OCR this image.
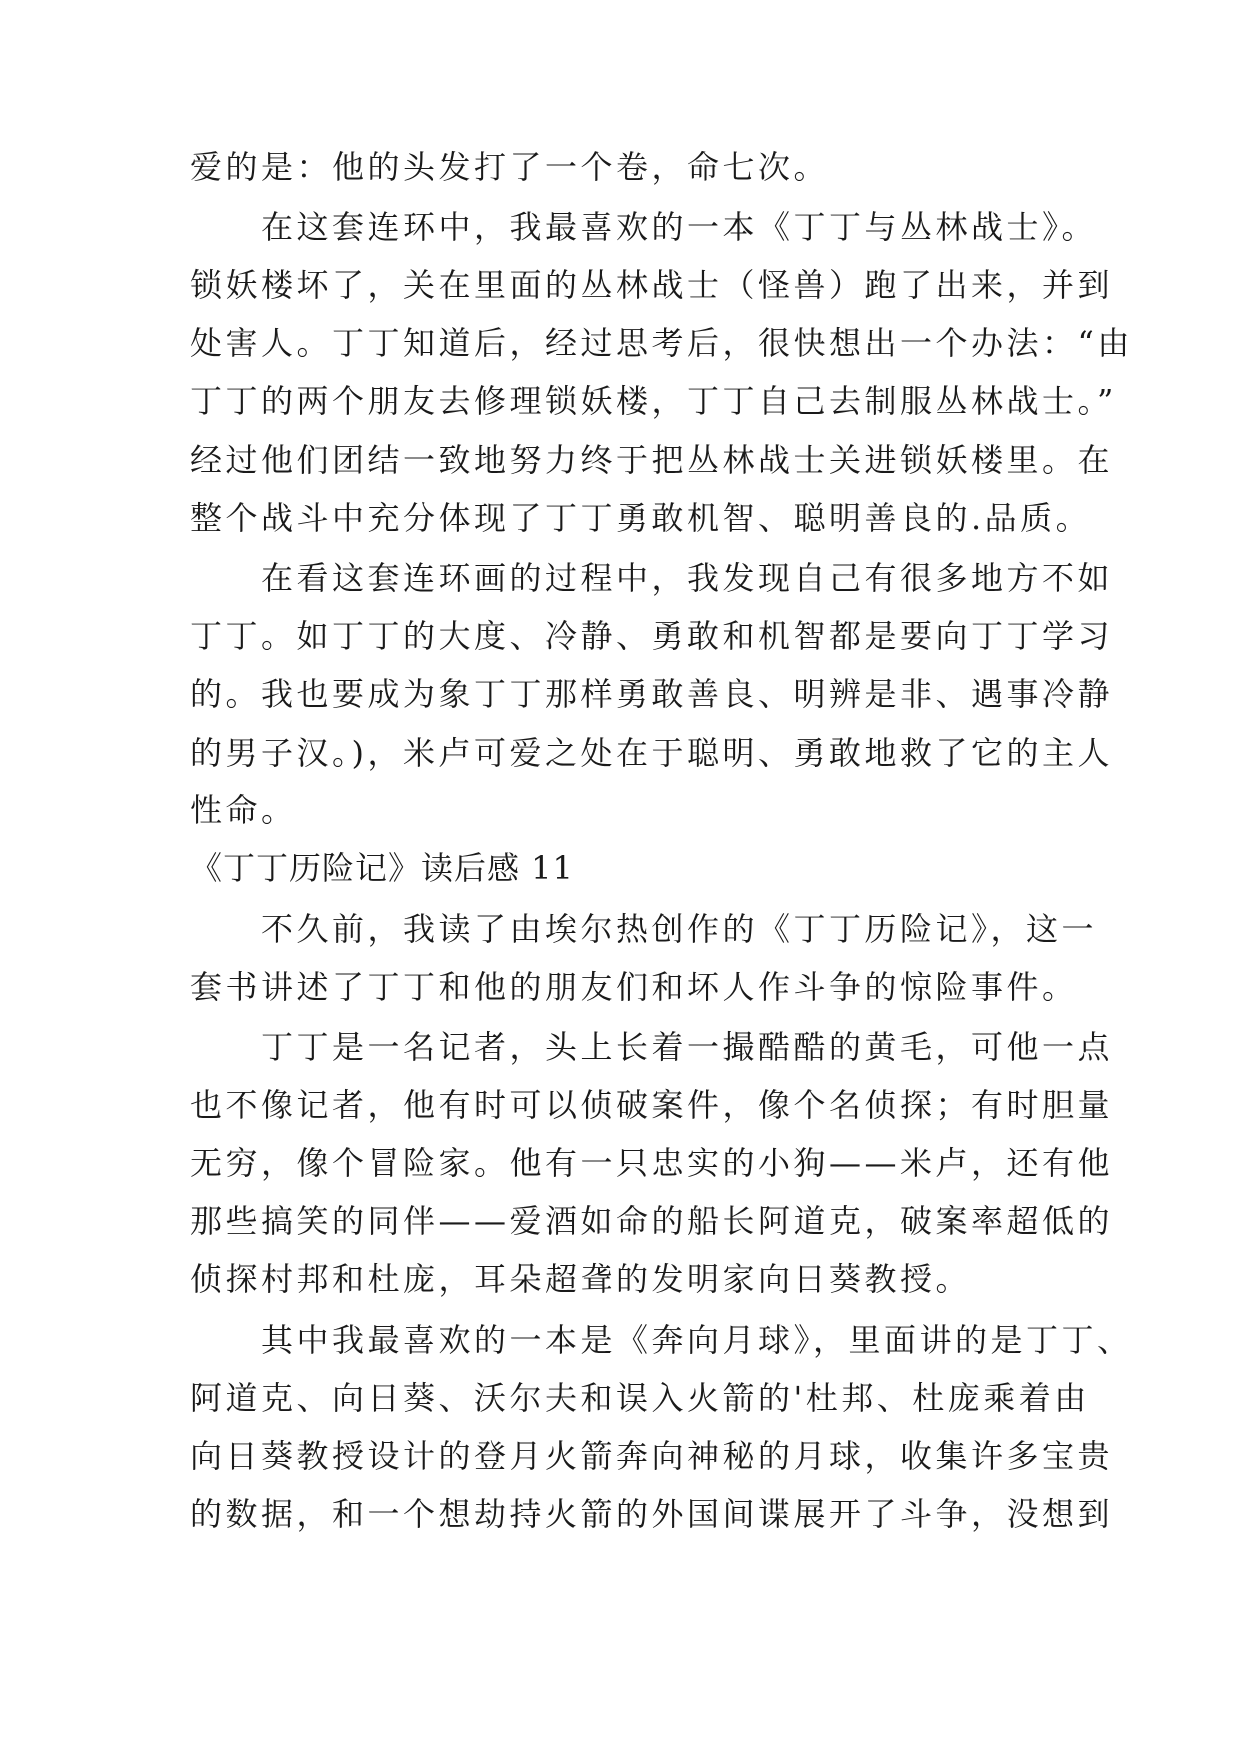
爱的是：他的头发打了一个卷，命七次。
　　在这套连环中，我最喜欢的一本《丁丁与丛林战士》。
锁妖楼坏了，关在里面的丛林战士（怪兽）跑了出来，并到
处害人。丁丁知道后，经过思考后，很快想出一个办法：“由
丁丁的两个朋友去修理锁妖楼，丁丁自己去制服丛林战士。”
经过他们团结一致地努力终于把丛林战士关进锁妖楼里。在
整个战斗中充分体现了丁丁勇敢机智、聪明善良的.品质。
　　在看这套连环画的过程中，我发现自己有很多地方不如
丁丁。如丁丁的大度、冷静、勇敢和机智都是要向丁丁学习
的。我也要成为象丁丁那样勇敢善良、明辨是非、遇事冷静
的男子汉。)，米卢可爱之处在于聪明、勇敢地救了它的主人
性命。
《丁丁历险记》读后感 11
　　不久前，我读了由埃尔热创作的《丁丁历险记》，这一
套书讲述了丁丁和他的朋友们和坏人作斗争的惊险事件。
　　丁丁是一名记者，头上长着一撮酷酷的黄毛，可他一点
也不像记者，他有时可以侦破案件，像个名侦探；有时胆量
无穷，像个冒险家。他有一只忠实的小狗——米卢，还有他
那些搞笑的同伴——爱酒如命的船长阿道克，破案率超低的
侦探村邦和杜庞，耳朵超聋的发明家向日葵教授。
　　其中我最喜欢的一本是《奔向月球》，里面讲的是丁丁、
阿道克、向日葵、沃尔夫和误入火箭的'杜邦、杜庞乘着由
向日葵教授设计的登月火箭奔向神秘的月球，收集许多宝贵
的数据，和一个想劫持火箭的外国间谍展开了斗争，没想到
